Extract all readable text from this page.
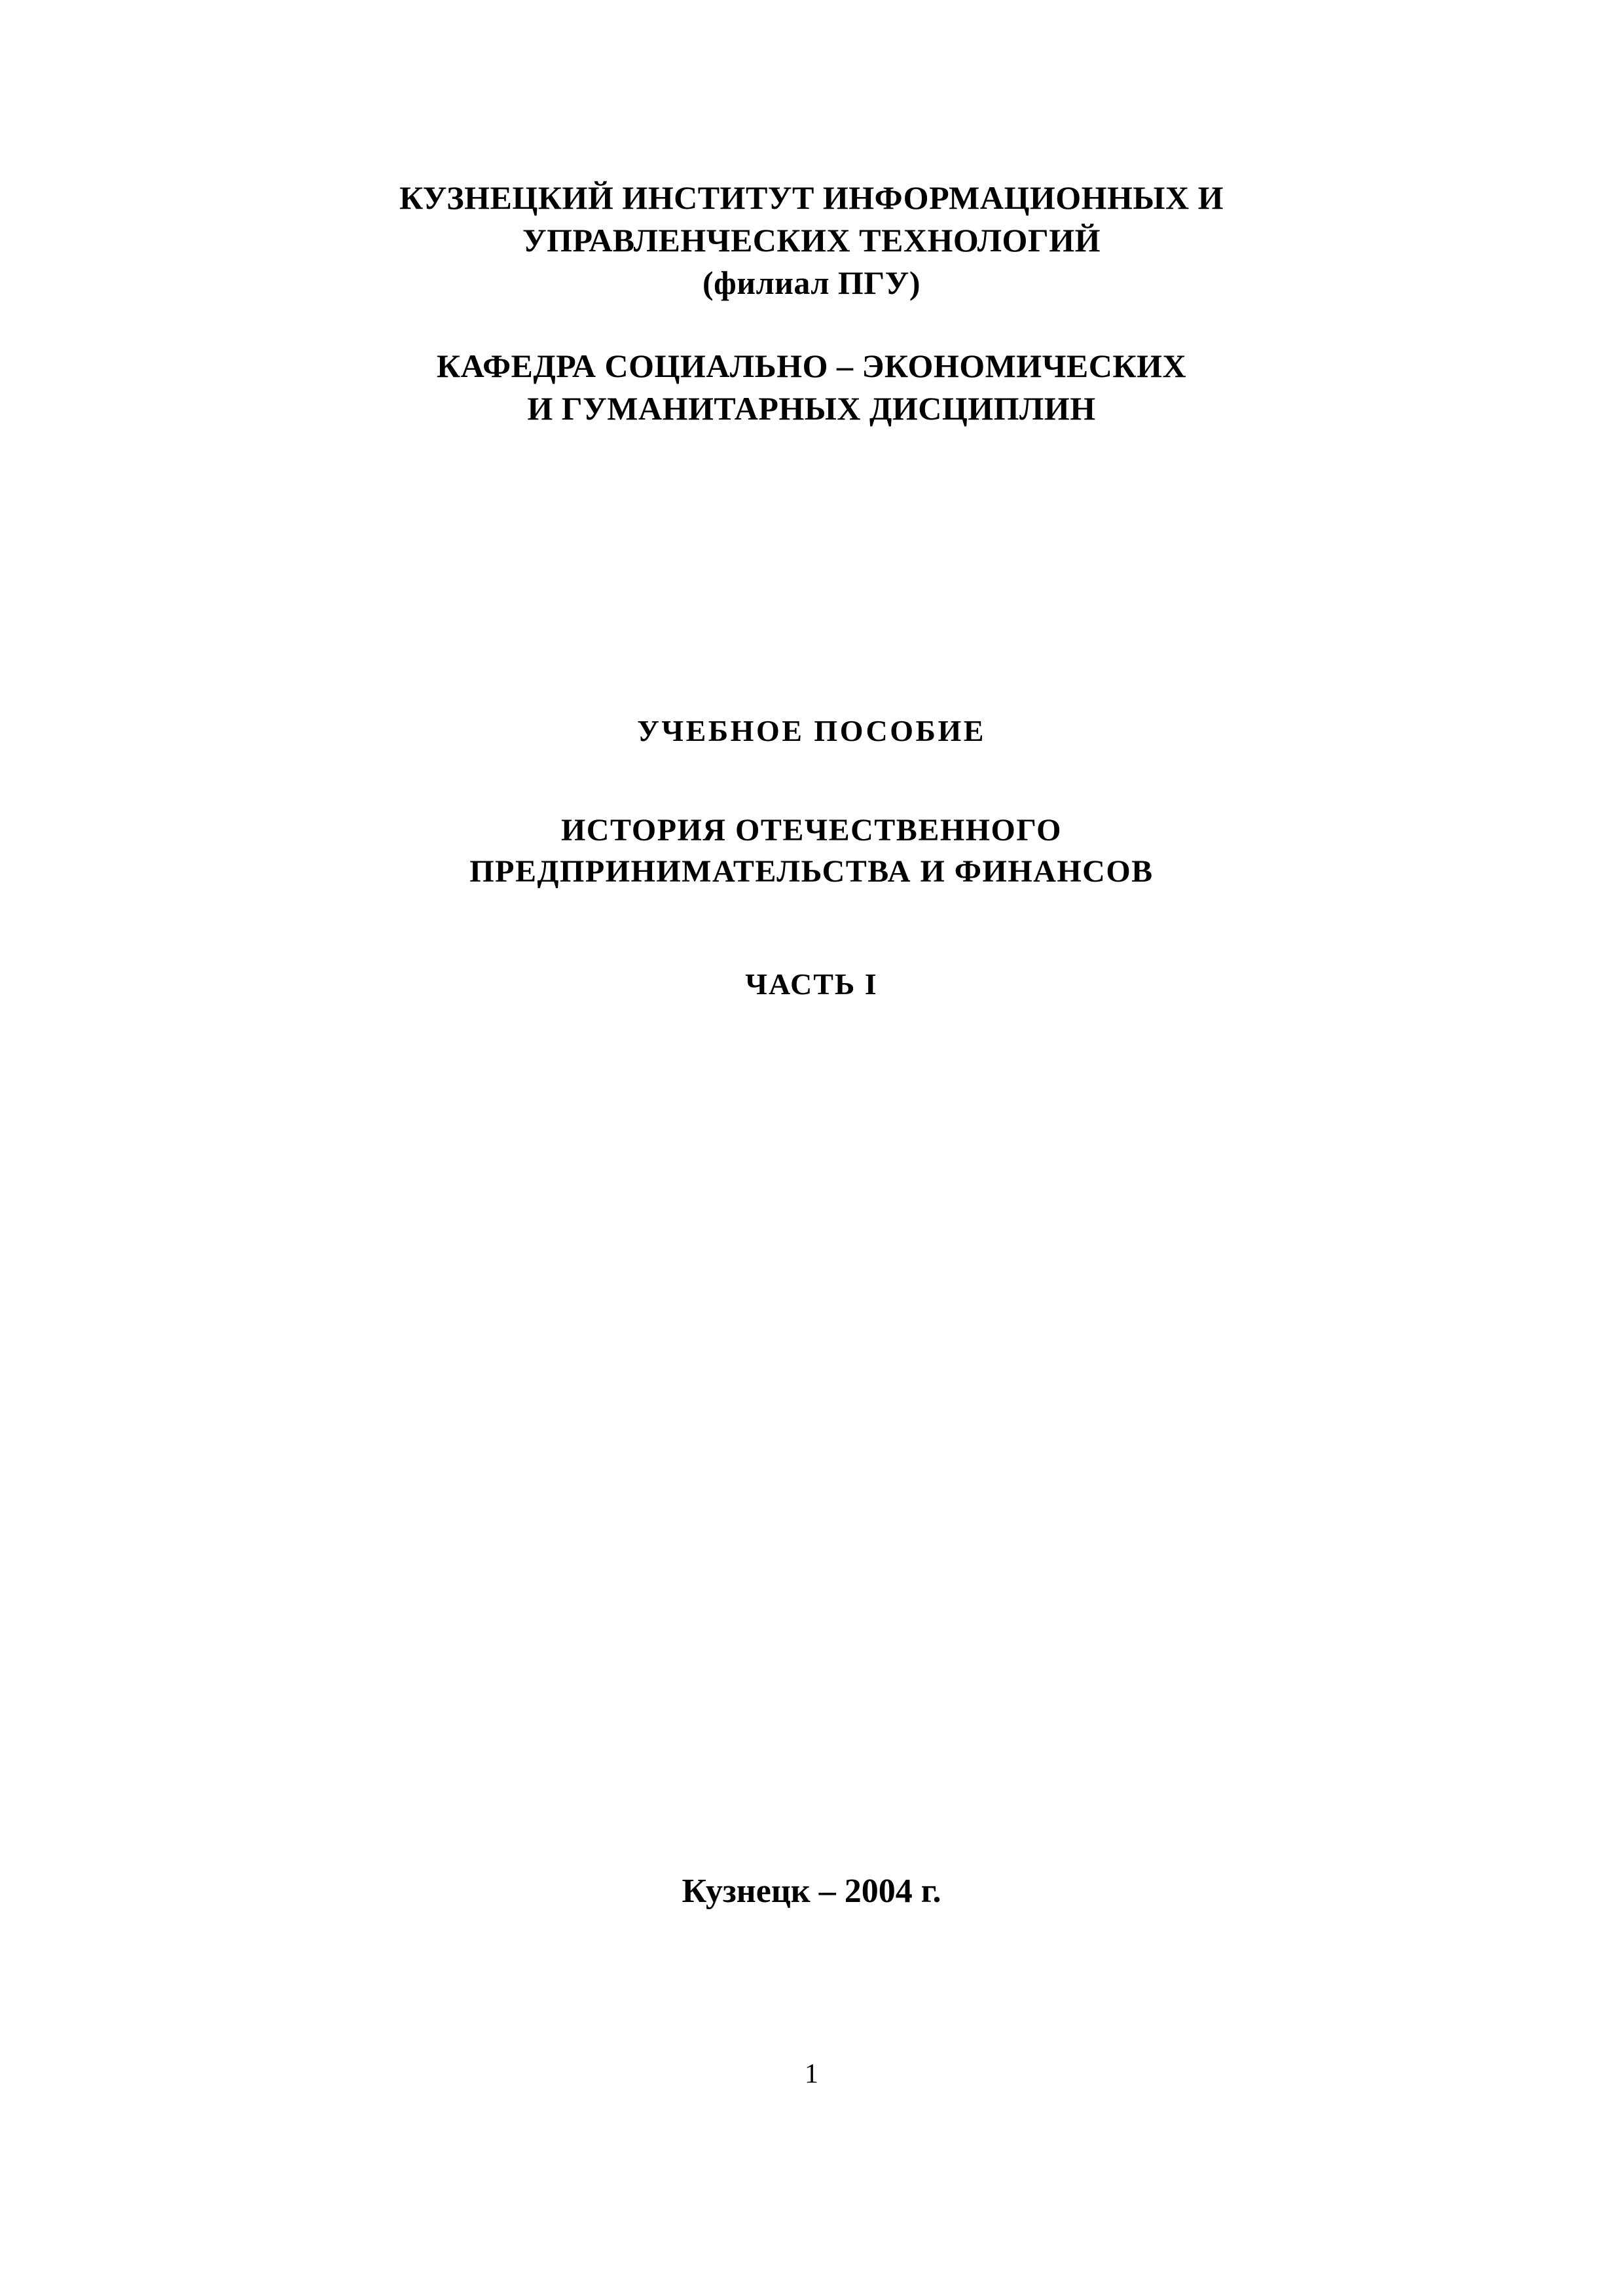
КУЗНЕЦКИЙ ИНСТИТУТ ИНФОРМАЦИОННЫХ И
УПРАВЛЕНЧЕСКИХ ТЕХНОЛОГИЙ
(филиал ПГУ)
КАФЕДРА СОЦИАЛЬНО – ЭКОНОМИЧЕСКИХ
И ГУМАНИТАРНЫХ ДИСЦИПЛИН
УЧЕБНОЕ ПОСОБИЕ
ИСТОРИЯ ОТЕЧЕСТВЕННОГО
ПРЕДПРИНИМАТЕЛЬСТВА И ФИНАНСОВ
ЧАСТЬ I
Кузнецк – 2004 г.
1
